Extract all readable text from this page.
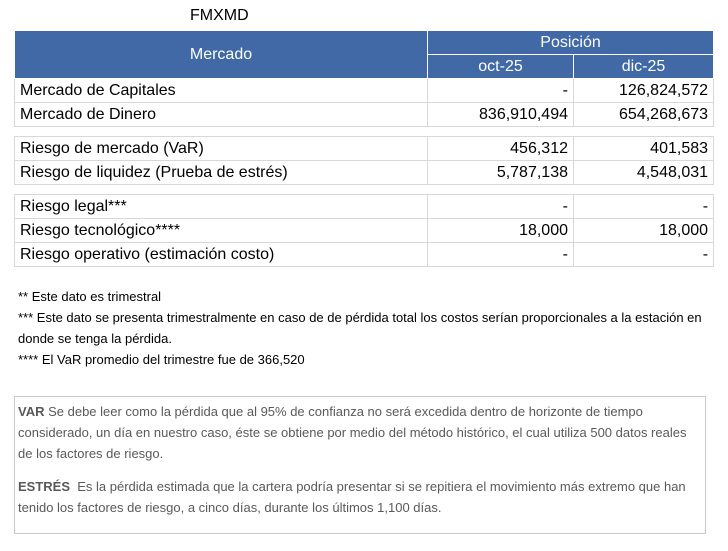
FMXMD
Mercado	Posición	
	oct-25	dic-25
Mercado de Capitales	-	126,824,572
Mercado de Dinero	836,910,494	654,268,673

Riesgo de mercado (VaR)	456,312	401,583
Riesgo de liquidez (Prueba de estrés)	5,787,138	4,548,031

Riesgo legal***	-	-
Riesgo tecnológico****	18,000	18,000
Riesgo operativo (estimación costo)	-	-

** Este dato es trimestral

*** Este dato se presenta trimestralmente en caso de de pérdida total los costos serían proporcionales a la estación en donde se tenga la pérdida.

**** El VaR promedio del trimestre fue de 366,520

VAR Se debe leer como la pérdida que al 95% de confianza no será excedida dentro de horizonte de tiempo considerado, un día en nuestro caso, éste se obtiene por medio del método histórico, el cual utiliza 500 datos reales de los factores de riesgo.

ESTRÉS  Es la pérdida estimada que la cartera podría presentar si se repitiera el movimiento más extremo que han tenido los factores de riesgo, a cinco días, durante los últimos 1,100 días.
